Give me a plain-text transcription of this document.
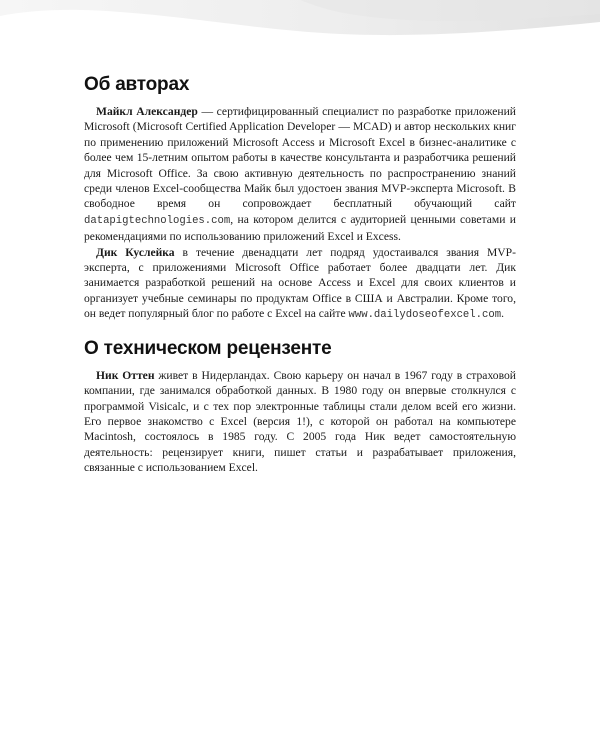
Об авторах

Майкл Александер — сертифицированный специалист по разработке приложений Microsoft (Microsoft Certified Application Developer — MCAD) и автор нескольких книг по применению приложений Microsoft Access и Microsoft Excel в бизнес-аналитике с более чем 15-летним опытом работы в качестве консультанта и разработчика решений для Microsoft Office. За свою активную деятельность по распространению знаний среди членов Excel-сообщества Майк был удостоен звания MVP-эксперта Microsoft. В свободное время он сопровождает бесплатный обучающий сайт datapigtechnologies.com, на котором делится с аудиторией ценными советами и рекомендациями по использованию приложений Excel и Excess.

Дик Куслейка в течение двенадцати лет подряд удостаивался звания MVP-эксперта, с приложениями Microsoft Office работает более двадцати лет. Дик занимается разработкой решений на основе Access и Excel для своих клиентов и организует учебные семинары по продуктам Office в США и Австралии. Кроме того, он ведет популярный блог по работе с Excel на сайте www.dailydoseofexcel.com.

О техническом рецензенте

Ник Оттен живет в Нидерландах. Свою карьеру он начал в 1967 году в страховой компании, где занимался обработкой данных. В 1980 году он впервые столкнулся с программой Visicalc, и с тех пор электронные таблицы стали делом всей его жизни. Его первое знакомство с Excel (версия 1!), с которой он работал на компьютере Macintosh, состоялось в 1985 году. С 2005 года Ник ведет самостоятельную деятельность: рецензирует книги, пишет статьи и разрабатывает приложения, связанные с использованием Excel.
